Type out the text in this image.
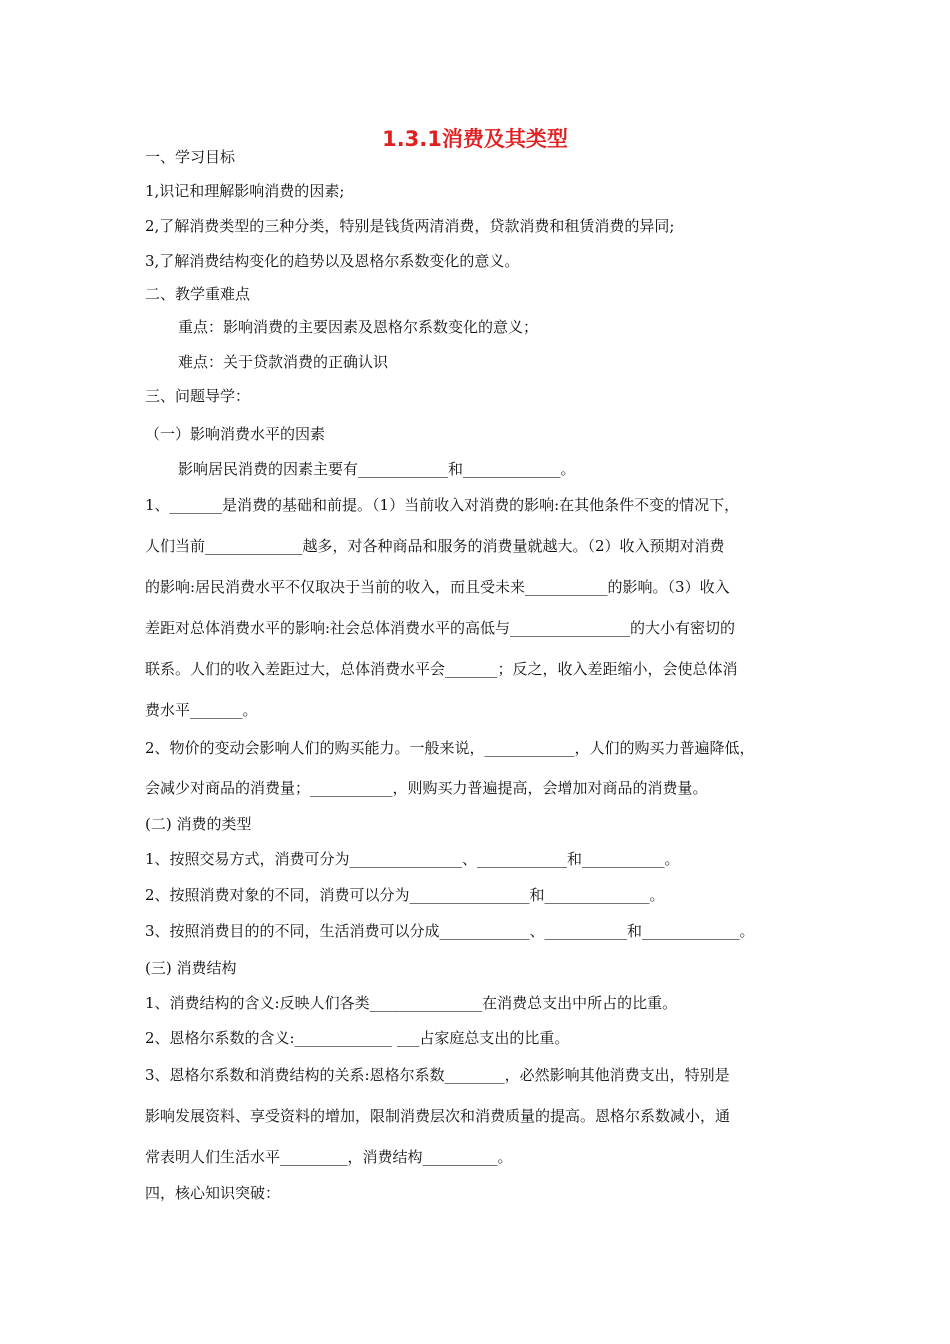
1.3.1消费及其类型

一、学习目标

1,识记和理解影响消费的因素;

2,了解消费类型的三种分类，特别是钱货两清消费，贷款消费和租赁消费的异同;

3,了解消费结构变化的趋势以及恩格尔系数变化的意义。

二、教学重难点

重点：影响消费的主要因素及恩格尔系数变化的意义；

难点：关于贷款消费的正确认识

三、问题导学：

（一）影响消费水平的因素

影响居民消费的因素主要有____________和_____________。

1、_______是消费的基础和前提。（1）当前收入对消费的影响:在其他条件不变的情况下，

人们当前_____________越多，对各种商品和服务的消费量就越大。（2）收入预期对消费

的影响:居民消费水平不仅取决于当前的收入，而且受未来___________的影响。（3）收入

差距对总体消费水平的影响:社会总体消费水平的高低与________________的大小有密切的

联系。人们的收入差距过大，总体消费水平会_______；反之，收入差距缩小，会使总体消

费水平_______。

2、物价的变动会影响人们的购买能力。一般来说，____________，人们的购买力普遍降低，

会减少对商品的消费量；___________，则购买力普遍提高，会增加对商品的消费量。

(二) 消费的类型

1、按照交易方式，消费可分为_______________、____________和___________。

2、按照消费对象的不同，消费可以分为________________和______________。

3、按照消费目的的不同，生活消费可以分成____________、___________和_____________。

(三) 消费结构

1、消费结构的含义:反映人们各类_______________在消费总支出中所占的比重。

2、恩格尔系数的含义:_____________ ___占家庭总支出的比重。

3、恩格尔系数和消费结构的关系:恩格尔系数________，必然影响其他消费支出，特别是

影响发展资料、享受资料的增加，限制消费层次和消费质量的提高。恩格尔系数减小，通

常表明人们生活水平_________，消费结构__________。

四，核心知识突破：
